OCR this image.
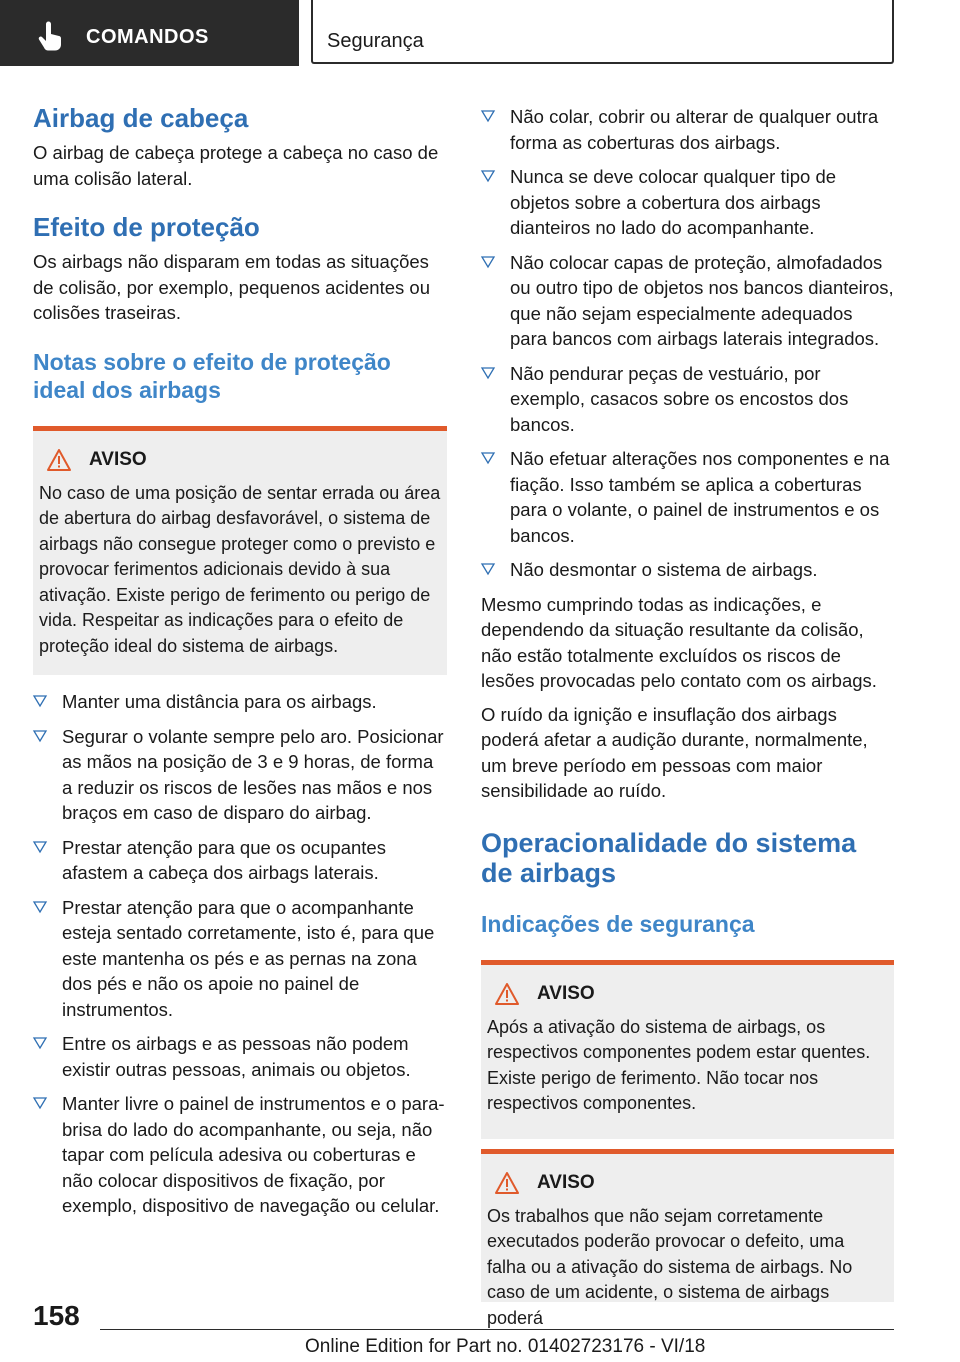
COMANDOS	Segurança
Airbag de cabeça

O airbag de cabeça protege a cabeça no caso de uma colisão lateral.

Efeito de proteção

Os airbags não disparam em todas as situações de colisão, por exemplo, pequenos acidentes ou colisões traseiras.

Notas sobre o efeito de proteção ideal dos airbags
AVISO

No caso de uma posição de sentar errada ou área de abertura do airbag desfavorável, o sistema de airbags não consegue proteger como o previsto e provocar ferimentos adicionais devido à sua ativação. Existe perigo de ferimento ou perigo de vida. Respeitar as indicações para o efeito de proteção ideal do sistema de airbags.

Manter uma distância para os airbags.
Segurar o volante sempre pelo aro. Posicionar as mãos na posição de 3 e 9 horas, de forma a reduzir os riscos de lesões nas mãos e nos braços em caso de disparo do airbag.
Prestar atenção para que os ocupantes afastem a cabeça dos airbags laterais.
Prestar atenção para que o acompanhante esteja sentado corretamente, isto é, para que este mantenha os pés e as pernas na zona dos pés e não os apoie no painel de instrumentos.
Entre os airbags e as pessoas não podem existir outras pessoas, animais ou objetos.
Manter livre o painel de instrumentos e o para-brisa do lado do acompanhante, ou seja, não tapar com película adesiva ou coberturas e não colocar dispositivos de fixação, por exemplo, dispositivo de navegação ou celular.
Não colar, cobrir ou alterar de qualquer outra forma as coberturas dos airbags.
Nunca se deve colocar qualquer tipo de objetos sobre a cobertura dos airbags dianteiros no lado do acompanhante.
Não colocar capas de proteção, almofadados ou outro tipo de objetos nos bancos dianteiros, que não sejam especialmente adequados para bancos com airbags laterais integrados.
Não pendurar peças de vestuário, por exemplo, casacos sobre os encostos dos bancos.
Não efetuar alterações nos componentes e na fiação. Isso também se aplica a coberturas para o volante, o painel de instrumentos e os bancos.
Não desmontar o sistema de airbags.

Mesmo cumprindo todas as indicações, e dependendo da situação resultante da colisão, não estão totalmente excluídos os riscos de lesões provocadas pelo contato com os airbags.

O ruído da ignição e insuflação dos airbags poderá afetar a audição durante, normalmente, um breve período em pessoas com maior sensibilidade ao ruído.

Operacionalidade do sistema de airbags
Indicações de segurança
AVISO

Após a ativação do sistema de airbags, os respectivos componentes podem estar quentes. Existe perigo de ferimento. Não tocar nos respectivos componentes.

AVISO

Os trabalhos que não sejam corretamente executados poderão provocar o defeito, uma falha ou a ativação do sistema de airbags. No caso de um acidente, o sistema de airbags poderá

158
Online Edition for Part no. 01402723176 - VI/18
